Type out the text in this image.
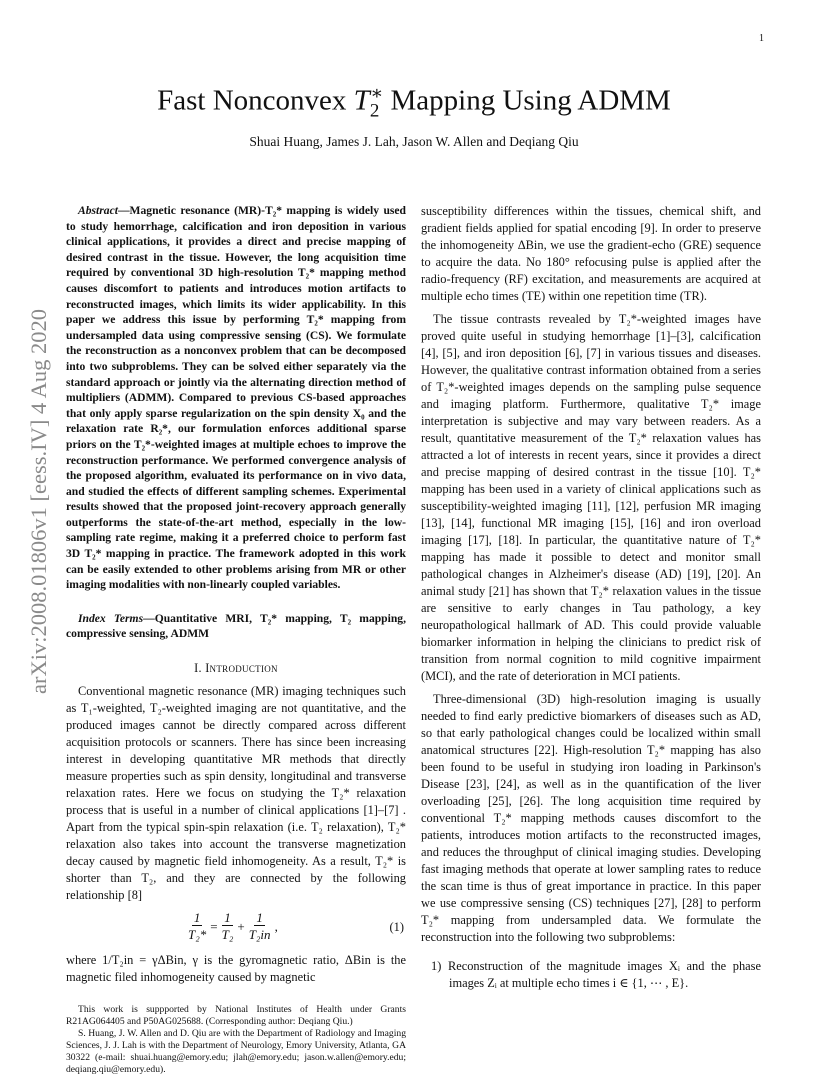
1
Fast Nonconvex $T_2^∗$ Mapping Using ADMM
Shuai Huang, James J. Lah, Jason W. Allen and Deqiang Qiu
arXiv:2008.01806v1 [eess.IV] 4 Aug 2020

Abstract—Magnetic resonance (MR)-T₂* mapping is widely used to study hemorrhage, calcification and iron deposition in various clinical applications, it provides a direct and precise mapping of desired contrast in the tissue. However, the long acquisition time required by conventional 3D high-resolution T₂* mapping method causes discomfort to patients and introduces motion artifacts to reconstructed images, which limits its wider applicability. In this paper we address this issue by performing T₂* mapping from undersampled data using compressive sensing (CS). We formulate the reconstruction as a nonconvex problem that can be decomposed into two subproblems. They can be solved either separately via the standard approach or jointly via the alternating direction method of multipliers (ADMM). Compared to previous CS-based approaches that only apply sparse regularization on the spin density X₀ and the relaxation rate R₂*, our formulation enforces additional sparse priors on the T₂*-weighted images at multiple echoes to improve the reconstruction performance. We performed convergence analysis of the proposed algorithm, evaluated its performance on in vivo data, and studied the effects of different sampling schemes. Experimental results showed that the proposed joint-recovery approach generally outperforms the state-of-the-art method, especially in the low-sampling rate regime, making it a preferred choice to perform fast 3D T₂* mapping in practice. The framework adopted in this work can be easily extended to other problems arising from MR or other imaging modalities with non-linearly coupled variables.

Index Terms—Quantitative MRI, T₂* mapping, T₂ mapping, compressive sensing, ADMM

I. Introduction

Conventional magnetic resonance (MR) imaging techniques such as T₁-weighted, T₂-weighted imaging are not quantitative, and the produced images cannot be directly compared across different acquisition protocols or scanners. There has since been increasing interest in developing quantitative MR methods that directly measure properties such as spin density, longitudinal and transverse relaxation rates. Here we focus on studying the T₂* relaxation process that is useful in a number of clinical applications [1]–[7] . Apart from the typical spin-spin relaxation (i.e. T₂ relaxation), T₂* relaxation also takes into account the transverse magnetization decay caused by magnetic field inhomogeneity. As a result, T₂* is shorter than T₂, and they are connected by the following relationship [8]

$\frac{1}{\text{T₂*}} = \frac{1}{\text{T₂}} + \frac{1}{\text{T₂in}}$ ,	(1)

where 1/T₂in = γΔBin, γ is the gyromagnetic ratio, ΔBin is the magnetic filed inhomogeneity caused by magnetic

This work is suppported by National Institutes of Health under Grants R21AG064405 and P50AG025688. (Corresponding author: Deqiang Qiu.)

S. Huang, J. W. Allen and D. Qiu are with the Department of Radiology and Imaging Sciences, J. J. Lah is with the Department of Neurology, Emory University, Atlanta, GA 30322 (e-mail: shuai.huang@emory.edu; jlah@emory.edu; jason.w.allen@emory.edu; deqiang.qiu@emory.edu).

susceptibility differences within the tissues, chemical shift, and gradient fields applied for spatial encoding [9]. In order to preserve the inhomogeneity ΔBin, we use the gradient-echo (GRE) sequence to acquire the data. No 180° refocusing pulse is applied after the radio-frequency (RF) excitation, and measurements are acquired at multiple echo times (TE) within one repetition time (TR).

The tissue contrasts revealed by T₂*-weighted images have proved quite useful in studying hemorrhage [1]–[3], calcification [4], [5], and iron deposition [6], [7] in various tissues and diseases. However, the qualitative contrast information obtained from a series of T₂*-weighted images depends on the sampling pulse sequence and imaging platform. Furthermore, qualitative T₂* image interpretation is subjective and may vary between readers. As a result, quantitative measurement of the T₂* relaxation values has attracted a lot of interests in recent years, since it provides a direct and precise mapping of desired contrast in the tissue [10]. T₂* mapping has been used in a variety of clinical applications such as susceptibility-weighted imaging [11], [12], perfusion MR imaging [13], [14], functional MR imaging [15], [16] and iron overload imaging [17], [18]. In particular, the quantitative nature of T₂* mapping has made it possible to detect and monitor small pathological changes in Alzheimer's disease (AD) [19], [20]. An animal study [21] has shown that T₂* relaxation values in the tissue are sensitive to early changes in Tau pathology, a key neuropathological hallmark of AD. This could provide valuable biomarker information in helping the clinicians to predict risk of transition from normal cognition to mild cognitive impairment (MCI), and the rate of deterioration in MCI patients.

Three-dimensional (3D) high-resolution imaging is usually needed to find early predictive biomarkers of diseases such as AD, so that early pathological changes could be localized within small anatomical structures [22]. High-resolution T₂* mapping has also been found to be useful in studying iron loading in Parkinson's Disease [23], [24], as well as in the quantification of the liver overloading [25], [26]. The long acquisition time required by conventional T₂* mapping methods causes discomfort to the patients, introduces motion artifacts to the reconstructed images, and reduces the throughput of clinical imaging studies. Developing fast imaging methods that operate at lower sampling rates to reduce the scan time is thus of great importance in practice. In this paper we use compressive sensing (CS) techniques [27], [28] to perform T₂* mapping from undersampled data. We formulate the reconstruction into the following two subproblems:

1) Reconstruction of the magnitude images Xᵢ and the phase images Zᵢ at multiple echo times i ∈ {1, ⋯ , E}.
